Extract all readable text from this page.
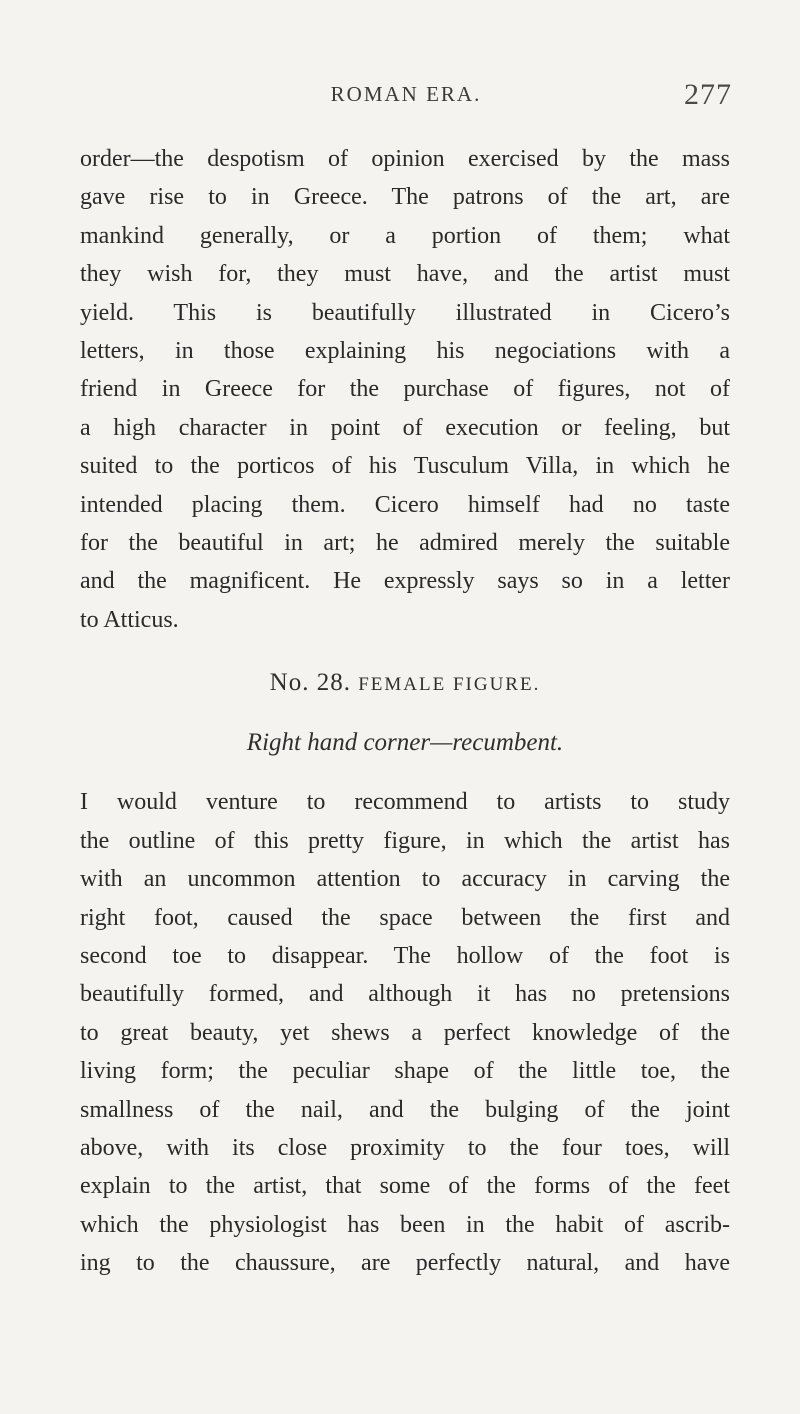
ROMAN ERA.	277

order—the despotism of opinion exercised by the mass
gave rise to in Greece. The patrons of the art, are
mankind generally, or a portion of them; what
they wish for, they must have, and the artist must
yield. This is beautifully illustrated in Cicero’s
letters, in those explaining his negociations with a
friend in Greece for the purchase of figures, not of
a high character in point of execution or feeling, but
suited to the porticos of his Tusculum Villa, in which he
intended placing them. Cicero himself had no taste
for the beautiful in art; he admired merely the suitable
and the magnificent. He expressly says so in a letter
to Atticus.

No. 28. FEMALE FIGURE.

Right hand corner—recumbent.

I would venture to recommend to artists to study
the outline of this pretty figure, in which the artist has
with an uncommon attention to accuracy in carving the
right foot, caused the space between the first and
second toe to disappear. The hollow of the foot is
beautifully formed, and although it has no pretensions
to great beauty, yet shews a perfect knowledge of the
living form; the peculiar shape of the little toe, the
smallness of the nail, and the bulging of the joint
above, with its close proximity to the four toes, will
explain to the artist, that some of the forms of the feet
which the physiologist has been in the habit of ascrib-
ing to the chaussure, are perfectly natural, and have
